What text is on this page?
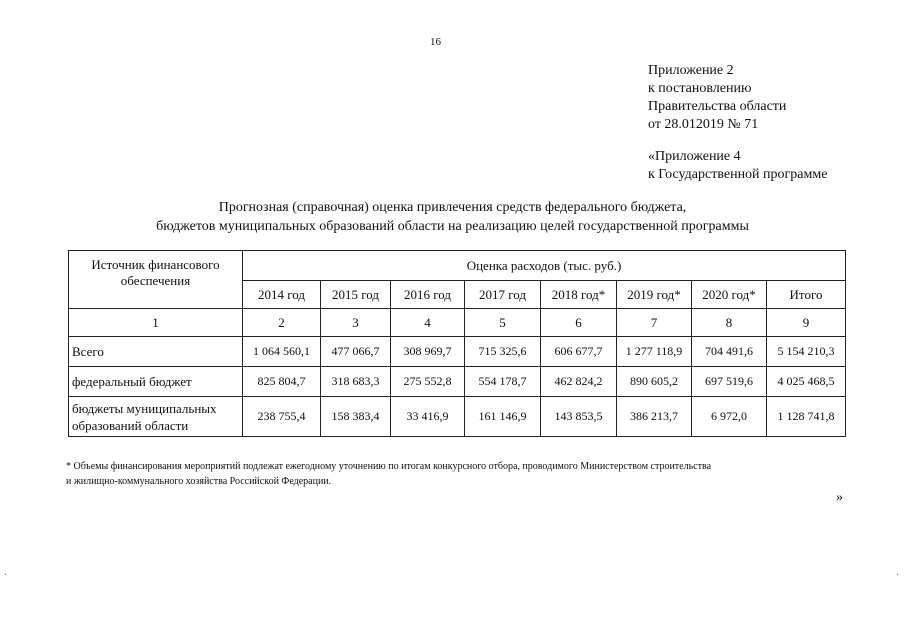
16
Приложение 2
к постановлению
Правительства области
от 28.012019 № 71
«Приложение 4
к Государственной программе
Прогнозная (справочная) оценка привлечения средств федерального бюджета,
бюджетов муниципальных образований области на реализацию целей государственной программы
Источник финансового обеспечения	Оценка расходов (тыс. руб.)							
	2014 год	2015 год	2016 год	2017 год	2018 год*	2019 год*	2020 год*	Итого
1	2	3	4	5	6	7	8	9
Всего	1 064 560,1	477 066,7	308 969,7	715 325,6	606 677,7	1 277 118,9	704 491,6	5 154 210,3
федеральный бюджет	825 804,7	318 683,3	275 552,8	554 178,7	462 824,2	890 605,2	697 519,6	4 025 468,5
бюджеты муниципальных образований области	238 755,4	158 383,4	33 416,9	161 146,9	143 853,5	386 213,7	6 972,0	1 128 741,8
* Объемы финансирования мероприятий подлежат ежегодному уточнению по итогам конкурсного отбора, проводимого Министерством строительства
и жилищно-коммунального хозяйства Российской Федерации.
»
·	·
